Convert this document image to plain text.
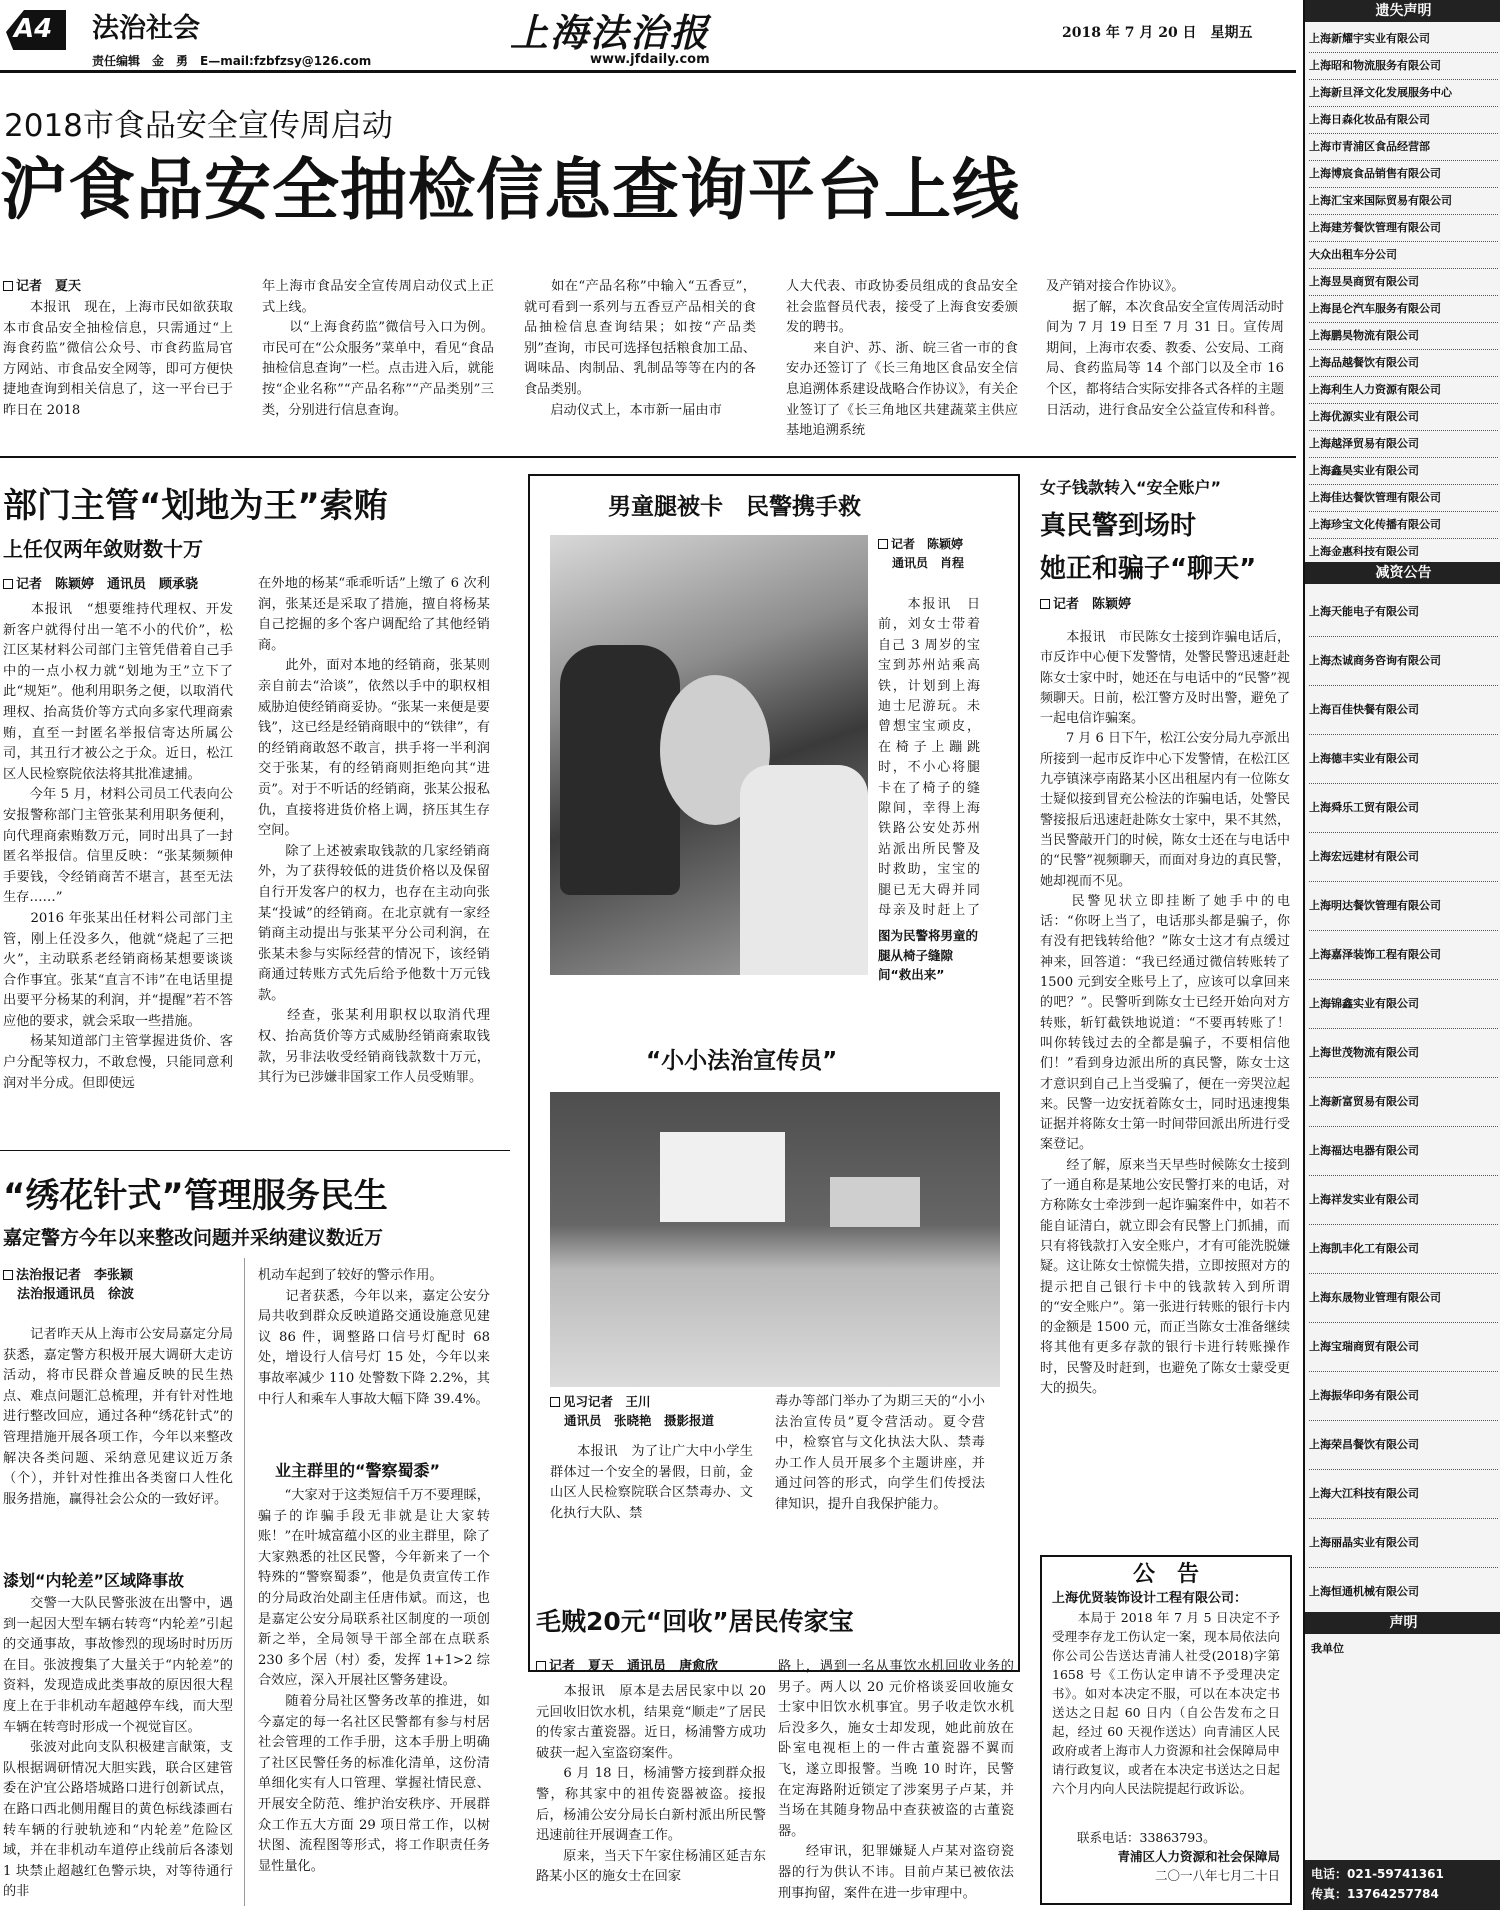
A4 法治社会
责任编辑　金　勇　E—mail:fzbfzsy@126.com
上海法治报
www.jfdaily.com
2018 年 7 月 20 日　星期五
2018市食品安全宣传周启动
沪食品安全抽检信息查询平台上线
记者　夏天
　　本报讯　现在，上海市民如欲获取本市食品安全抽检信息，只需通过“上海食药监”微信公众号、市食药监局官方网站、市食品安全网等，即可方便快捷地查询到相关信息了，这一平台已于昨日在 2018
年上海市食品安全宣传周启动仪式上正式上线。
　　以“上海食药监”微信号入口为例。市民可在“公众服务”菜单中，看见“食品抽检信息查询”一栏。点击进入后，就能按“企业名称”“产品名称”“产品类别”三类，分别进行信息查询。
　　如在“产品名称”中输入“五香豆”，就可看到一系列与五香豆产品相关的食品抽检信息查询结果；如按“产品类别”查询，市民可选择包括粮食加工品、调味品、肉制品、乳制品等等在内的各食品类别。
　　启动仪式上，本市新一届由市
人大代表、市政协委员组成的食品安全社会监督员代表，接受了上海食安委颁发的聘书。
　　来自沪、苏、浙、皖三省一市的食安办还签订了《长三角地区食品安全信息追溯体系建设战略合作协议》，有关企业签订了《长三角地区共建蔬菜主供应基地追溯系统
及产销对接合作协议》。
　　据了解，本次食品安全宣传周活动时间为 7 月 19 日至 7 月 31 日。宣传周期间，上海市农委、教委、公安局、工商局、食药监局等 14 个部门以及全市 16 个区，都将结合实际安排各式各样的主题日活动，进行食品安全公益宣传和科普。
部门主管“划地为王”索贿
上任仅两年敛财数十万
记者　陈颖婷　通讯员　顾承骁
　　本报讯　“想要维持代理权、开发新客户就得付出一笔不小的代价”，松江区某材料公司部门主管凭借着自己手中的一点小权力就“划地为王”立下了此“规矩”。他利用职务之便，以取消代理权、抬高货价等方式向多家代理商索贿，直至一封匿名举报信寄达所属公司，其丑行才被公之于众。近日，松江区人民检察院依法将其批准逮捕。
　　今年 5 月，材料公司员工代表向公安报警称部门主管张某利用职务便利，向代理商索贿数万元，同时出具了一封匿名举报信。信里反映：“张某频频伸手要钱，令经销商苦不堪言，甚至无法生存……”
　　2016 年张某出任材料公司部门主管，刚上任没多久，他就“烧起了三把火”，主动联系老经销商杨某想要谈谈合作事宜。张某“直言不讳”在电话里提出要平分杨某的利润，并“提醒”若不答应他的要求，就会采取一些措施。
　　杨某知道部门主管掌握进货价、客户分配等权力，不敢怠慢，只能同意利润对半分成。但即使远
在外地的杨某“乖乖听话”上缴了 6 次利润，张某还是采取了措施，擅自将杨某自己挖掘的多个客户调配给了其他经销商。
　　此外，面对本地的经销商，张某则亲自前去“洽谈”，依然以手中的职权相威胁迫使经销商妥协。“张某一来便是要钱”，这已经是经销商眼中的“铁律”，有的经销商敢怒不敢言，拱手将一半利润交于张某，有的经销商则拒绝向其“进贡”。对于不听话的经销商，张某公报私仇，直接将进货价格上调，挤压其生存空间。
　　除了上述被索取钱款的几家经销商外，为了获得较低的进货价格以及保留自行开发客户的权力，也存在主动向张某“投诚”的经销商。在北京就有一家经销商主动提出与张某平分公司利润，在张某未参与实际经营的情况下，该经销商通过转账方式先后给予他数十万元钱款。
　　经查，张某利用职权以取消代理权、抬高货价等方式威胁经销商索取钱款，另非法收受经销商钱款数十万元，其行为已涉嫌非国家工作人员受贿罪。
“绣花针式”管理服务民生
嘉定警方今年以来整改问题并采纳建议数近万
法治报记者　李张颖
法治报通讯员　徐波
　　记者昨天从上海市公安局嘉定分局获悉，嘉定警方积极开展大调研大走访活动，将市民群众普遍反映的民生热点、难点问题汇总梳理，并有针对性地进行整改回应，通过各种“绣花针式”的管理措施开展各项工作，今年以来整改解决各类问题、采纳意见建议近万条（个），并针对性推出各类窗口人性化服务措施，赢得社会公众的一致好评。
漆划“内轮差”区域降事故
　　交警一大队民警张波在出警中，遇到一起因大型车辆右转弯“内轮差”引起的交通事故，事故惨烈的现场时时历历在目。张波搜集了大量关于“内轮差”的资料，发现造成此类事故的原因很大程度上在于非机动车超越停车线，而大型车辆在转弯时形成一个视觉盲区。
　　张波对此向支队积极建言献策，支队根据调研情况大胆实践，联合区建管委在沪宜公路塔城路口进行创新试点，在路口西北侧用醒目的黄色标线漆画右转车辆的行驶轨迹和“内轮差”危险区域，并在非机动车道停止线前后各漆划 1 块禁止超越红色警示块，对等待通行的非
机动车起到了较好的警示作用。
　　记者获悉，今年以来，嘉定公安分局共收到群众反映道路交通设施意见建议 86 件，调整路口信号灯配时 68 处，增设行人信号灯 15 处，今年以来事故率减少 110 处警数下降 2.2%，其中行人和乘车人事故大幅下降 39.4%。
业主群里的“警察蜀黍”
　　“大家对于这类短信千万不要理睬，骗子的诈骗手段无非就是让大家转账！”在叶城富蕴小区的业主群里，除了大家熟悉的社区民警，今年新来了一个特殊的“警察蜀黍”，他是负责宣传工作的分局政治处副主任唐伟斌。而这，也是嘉定公安分局联系社区制度的一项创新之举，全局领导干部全部在点联系 230 多个居（村）委，发挥 1+1>2 综合效应，深入开展社区警务建设。
　　随着分局社区警务改革的推进，如今嘉定的每一名社区民警都有参与村居社会管理的工作手册，这本手册上明确了社区民警任务的标准化清单，这份清单细化实有人口管理、掌握社情民意、开展安全防范、维护治安秩序、开展群众工作五大方面 29 项日常工作，以树状图、流程图等形式，将工作职责任务显性量化。
男童腿被卡　民警携手救
记者　陈颖婷
通讯员　肖程
　　本报讯　日前，刘女士带着自己 3 周岁的宝宝到苏州站乘高铁，计划到上海迪士尼游玩。未曾想宝宝顽皮，在椅子上蹦跳时，不小心将腿卡在了椅子的缝隙间，幸得上海铁路公安处苏州站派出所民警及时救助，宝宝的腿已无大碍并同母亲及时赶上了
图为民警将男童的腿从椅子缝隙间“救出来”
“小小法治宣传员”
见习记者　王川
通讯员　张晓艳　摄影报道
　　本报讯　为了让广大中小学生群体过一个安全的暑假，日前，金山区人民检察院联合区禁毒办、文化执行大队、禁
毒办等部门举办了为期三天的“小小法治宣传员”夏令营活动。夏令营中，检察官与文化执法大队、禁毒办工作人员开展多个主题讲座，并通过问答的形式，向学生们传授法律知识，提升自我保护能力。
毛贼20元“回收”居民传家宝
记者　夏天　通讯员　唐愈欣
　　本报讯　原本是去居民家中以 20 元回收旧饮水机，结果竟“顺走”了居民的传家古董瓷器。近日，杨浦警方成功破获一起入室盗窃案件。
　　6 月 18 日，杨浦警方接到群众报警，称其家中的祖传瓷器被盗。接报后，杨浦公安分局长白新村派出所民警迅速前往开展调查工作。
　　原来，当天下午家住杨浦区延吉东路某小区的施女士在回家
路上，遇到一名从事饮水机回收业务的男子。两人以 20 元价格谈妥回收施女士家中旧饮水机事宜。男子收走饮水机后没多久，施女士却发现，她此前放在卧室电视柜上的一件古董瓷器不翼而飞，遂立即报警。当晚 10 时许，民警在定海路附近锁定了涉案男子卢某，并当场在其随身物品中查获被盗的古董瓷器。
　　经审讯，犯罪嫌疑人卢某对盗窃瓷器的行为供认不讳。目前卢某已被依法刑事拘留，案件在进一步审理中。
女子钱款转入“安全账户”
真民警到场时
她正和骗子“聊天”
记者　陈颖婷
　　本报讯　市民陈女士接到诈骗电话后，市反诈中心便下发警情，处警民警迅速赶赴陈女士家中时，她还在与电话中的“民警”视频聊天。日前，松江警方及时出警，避免了一起电信诈骗案。
　　7 月 6 日下午，松江公安分局九亭派出所接到一起市反诈中心下发警情，在松江区九亭镇涞亭南路某小区出租屋内有一位陈女士疑似接到冒充公检法的诈骗电话，处警民警接报后迅速赶赴陈女士家中，果不其然，当民警敲开门的时候，陈女士还在与电话中的“民警”视频聊天，而面对身边的真民警，她却视而不见。
　　民警见状立即挂断了她手中的电话：“你呀上当了，电话那头都是骗子，你有没有把钱转给他？”陈女士这才有点缓过神来，回答道：“我已经通过微信转账转了 1500 元到安全账号上了，应该可以拿回来的吧？”。民警听到陈女士已经开始向对方转账，斩钉截铁地说道：“不要再转账了！叫你转钱过去的全都是骗子，不要相信他们！”看到身边派出所的真民警，陈女士这才意识到自己上当受骗了，便在一旁哭泣起来。民警一边安抚着陈女士，同时迅速搜集证据并将陈女士第一时间带回派出所进行受案登记。
　　经了解，原来当天早些时候陈女士接到了一通自称是某地公安民警打来的电话，对方称陈女士牵涉到一起诈骗案件中，如若不能自证清白，就立即会有民警上门抓捕，而只有将钱款打入安全账户，才有可能洗脱嫌疑。这让陈女士惊慌失措，立即按照对方的提示把自己银行卡中的钱款转入到所谓的“安全账户”。第一张进行转账的银行卡内的金额是 1500 元，而正当陈女士准备继续将其他有更多存款的银行卡进行转账操作时，民警及时赶到，也避免了陈女士蒙受更大的损失。
公　告
上海优贤装饰设计工程有限公司：
　　本局于 2018 年 7 月 5 日决定不予受理李存龙工伤认定一案，现本局依法向你公司公告送达青浦人社受(2018)字第 1658 号《工伤认定申请不予受理决定书》。如对本决定不服，可以在本决定书送达之日起 60 日内（自公告发布之日起，经过 60 天视作送达）向青浦区人民政府或者上海市人力资源和社会保障局申请行政复议，或者在本决定书送达之日起六个月内向人民法院提起行政诉讼。
　　联系电话：33863793。
青浦区人力资源和社会保障局
二〇一八年七月二十日
遗失声明
上海新耀宇实业有限公司
上海昭和物流服务有限公司
上海新旦泽文化发展服务中心
上海日森化妆品有限公司
上海市青浦区食品经营部
上海博宸食品销售有限公司
上海汇宝来国际贸易有限公司
上海建芳餐饮管理有限公司
大众出租车分公司
上海昱昊商贸有限公司
上海昆仑汽车服务有限公司
上海鹏昊物流有限公司
上海品越餐饮有限公司
上海利生人力资源有限公司
上海优源实业有限公司
上海越泽贸易有限公司
上海鑫昊实业有限公司
上海佳达餐饮管理有限公司
上海珍宝文化传播有限公司
上海金惠科技有限公司
减资公告
上海天能电子有限公司
上海杰诚商务咨询有限公司
上海百佳快餐有限公司
上海德丰实业有限公司
上海舜乐工贸有限公司
上海宏远建材有限公司
上海明达餐饮管理有限公司
上海嘉泽装饰工程有限公司
上海锦鑫实业有限公司
上海世茂物流有限公司
上海新富贸易有限公司
上海福达电器有限公司
上海祥发实业有限公司
上海凯丰化工有限公司
上海东晟物业管理有限公司
上海宝瑞商贸有限公司
上海振华印务有限公司
上海荣昌餐饮有限公司
上海大江科技有限公司
上海丽晶实业有限公司
上海恒通机械有限公司
声明
我单位
电话：021-59741361
传真：13764257784
